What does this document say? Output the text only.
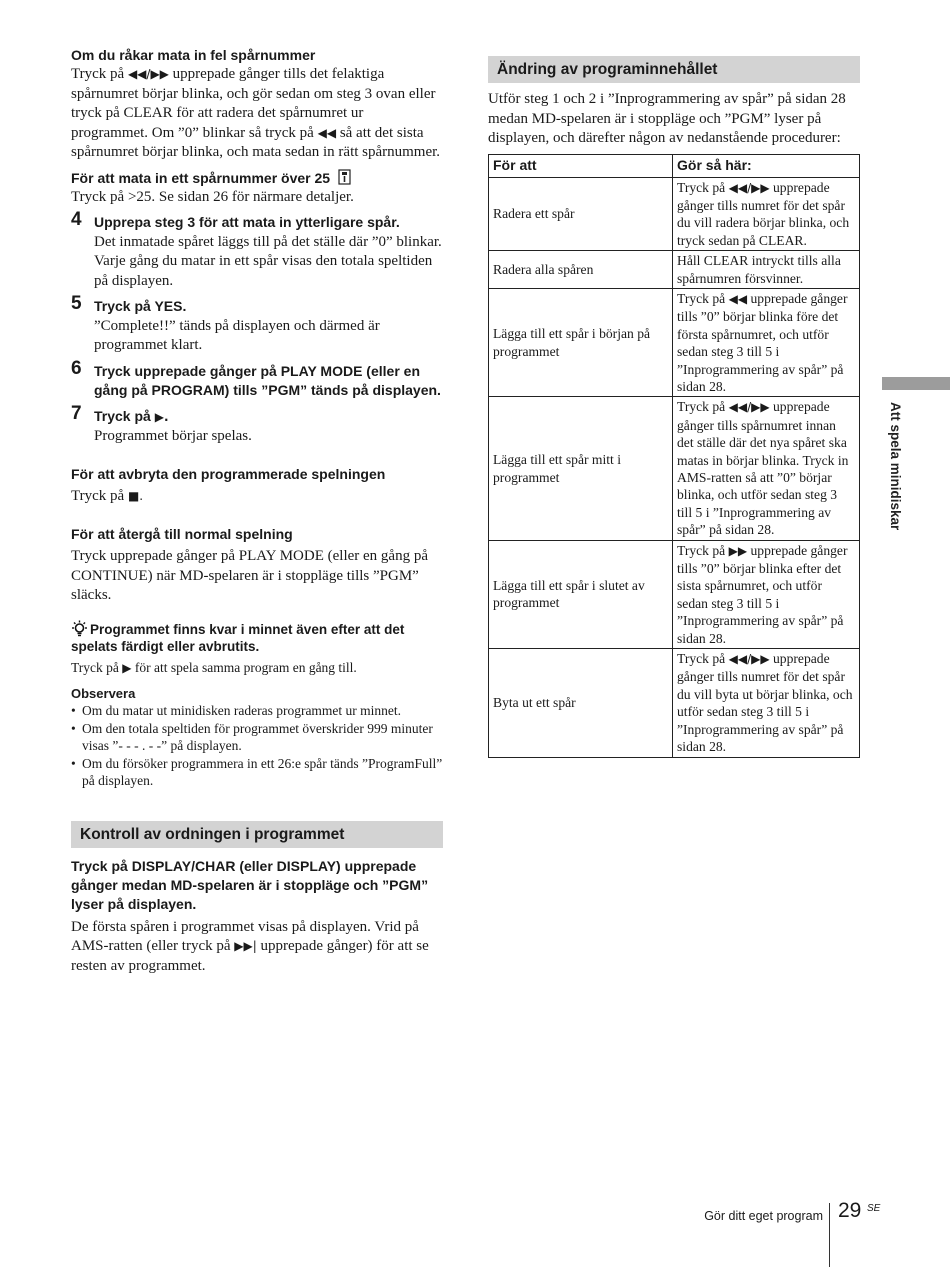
Om du råkar mata in fel spårnummer

Tryck på ◀◀/▶▶ upprepade gånger tills det felaktiga spårnumret börjar blinka, och gör sedan om steg 3 ovan eller tryck på CLEAR för att radera det spårnumret ur programmet. Om ”0” blinkar så tryck på ◀◀ så att det sista spårnumret börjar blinka, och mata sedan in rätt spårnummer.

För att mata in ett spårnummer över 25

Tryck på >25. Se sidan 26 för närmare detaljer.

4 Upprepa steg 3 för att mata in ytterligare spår.

Det inmatade spåret läggs till på det ställe där ”0” blinkar.

Varje gång du matar in ett spår visas den totala speltiden på displayen.

5 Tryck på YES.

”Complete!!” tänds på displayen och därmed är programmet klart.

6 Tryck upprepade gånger på PLAY MODE (eller en gång på PROGRAM) tills ”PGM” tänds på displayen.

7 Tryck på ▶.

Programmet börjar spelas.

För att avbryta den programmerade spelningen

Tryck på ■.

För att återgå till normal spelning

Tryck upprepade gånger på PLAY MODE (eller en gång på CONTINUE) när MD-spelaren är i stoppläge tills ”PGM” släcks.

Programmet finns kvar i minnet även efter att det spelats färdigt eller avbrutits.

Tryck på ▶ för att spela samma program en gång till.

Observera

• Om du matar ut minidisken raderas programmet ur minnet.
• Om den totala speltiden för programmet överskrider 999 minuter visas ”- - - . - -” på displayen.
• Om du försöker programmera in ett 26:e spår tänds ”ProgramFull” på displayen.
Kontroll av ordningen i programmet

Tryck på DISPLAY/CHAR (eller DISPLAY) upprepade gånger medan MD-spelaren är i stoppläge och ”PGM” lyser på displayen.

De första spåren i programmet visas på displayen. Vrid på AMS-ratten (eller tryck på ▶▶| upprepade gånger) för att se resten av programmet.

Ändring av programinnehållet

Utför steg 1 och 2 i ”Inprogrammering av spår” på sidan 28 medan MD-spelaren är i stoppläge och ”PGM” lyser på displayen, och därefter någon av nedanstående procedurer:

För att	Gör så här:
Radera ett spår	Tryck på ◀◀/▶▶ upprepade gånger tills numret för det spår du vill radera börjar blinka, och tryck sedan på CLEAR.
Radera alla spåren	Håll CLEAR intryckt tills alla spårnumren försvinner.
Lägga till ett spår i början på programmet	Tryck på ◀◀ upprepade gånger tills ”0” börjar blinka före det första spårnumret, och utför sedan steg 3 till 5 i ”Inprogrammering av spår” på sidan 28.
Lägga till ett spår mitt i programmet	Tryck på ◀◀/▶▶ upprepade gånger tills spårnumret innan det ställe där det nya spåret ska matas in börjar blinka. Tryck in AMS-ratten så att ”0” börjar blinka, och utför sedan steg 3 till 5 i ”Inprogrammering av spår” på sidan 28.
Lägga till ett spår i slutet av programmet	Tryck på ▶▶ upprepade gånger tills ”0” börjar blinka efter det sista spårnumret, och utför sedan steg 3 till 5 i ”Inprogrammering av spår” på sidan 28.
Byta ut ett spår	Tryck på ◀◀/▶▶ upprepade gånger tills numret för det spår du vill byta ut börjar blinka, och utför sedan steg 3 till 5 i ”Inprogrammering av spår” på sidan 28.
Att spela minidiskar
Gör ditt eget program 29 SE
